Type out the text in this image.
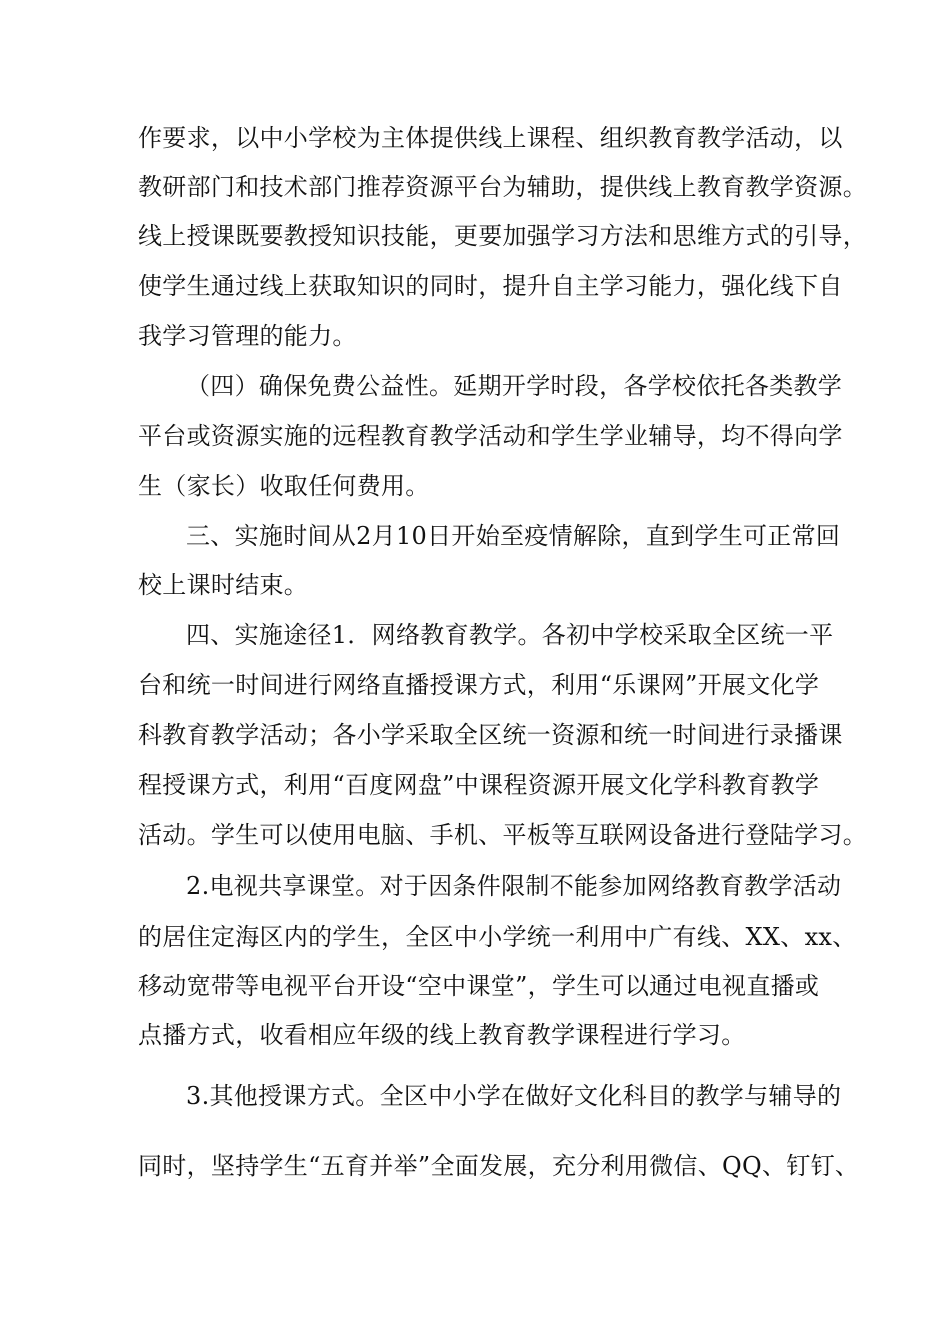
作要求，以中小学校为主体提供线上课程、组织教育教学活动，以
教研部门和技术部门推荐资源平台为辅助，提供线上教育教学资源。
线上授课既要教授知识技能，更要加强学习方法和思维方式的引导，
使学生通过线上获取知识的同时，提升自主学习能力，强化线下自
我学习管理的能力。
（四）确保免费公益性。延期开学时段，各学校依托各类教学
平台或资源实施的远程教育教学活动和学生学业辅导，均不得向学
生（家长）收取任何费用。
三、实施时间从2月10日开始至疫情解除，直到学生可正常回
校上课时结束。
四、实施途径1．网络教育教学。各初中学校采取全区统一平
台和统一时间进行网络直播授课方式，利用“乐课网”开展文化学
科教育教学活动；各小学采取全区统一资源和统一时间进行录播课
程授课方式，利用“百度网盘”中课程资源开展文化学科教育教学
活动。学生可以使用电脑、手机、平板等互联网设备进行登陆学习。
2.电视共享课堂。对于因条件限制不能参加网络教育教学活动
的居住定海区内的学生，全区中小学统一利用中广有线、XX、xx、
移动宽带等电视平台开设“空中课堂”，学生可以通过电视直播或
点播方式，收看相应年级的线上教育教学课程进行学习。
3.其他授课方式。全区中小学在做好文化科目的教学与辅导的
同时，坚持学生“五育并举”全面发展，充分利用微信、QQ、钉钉、
